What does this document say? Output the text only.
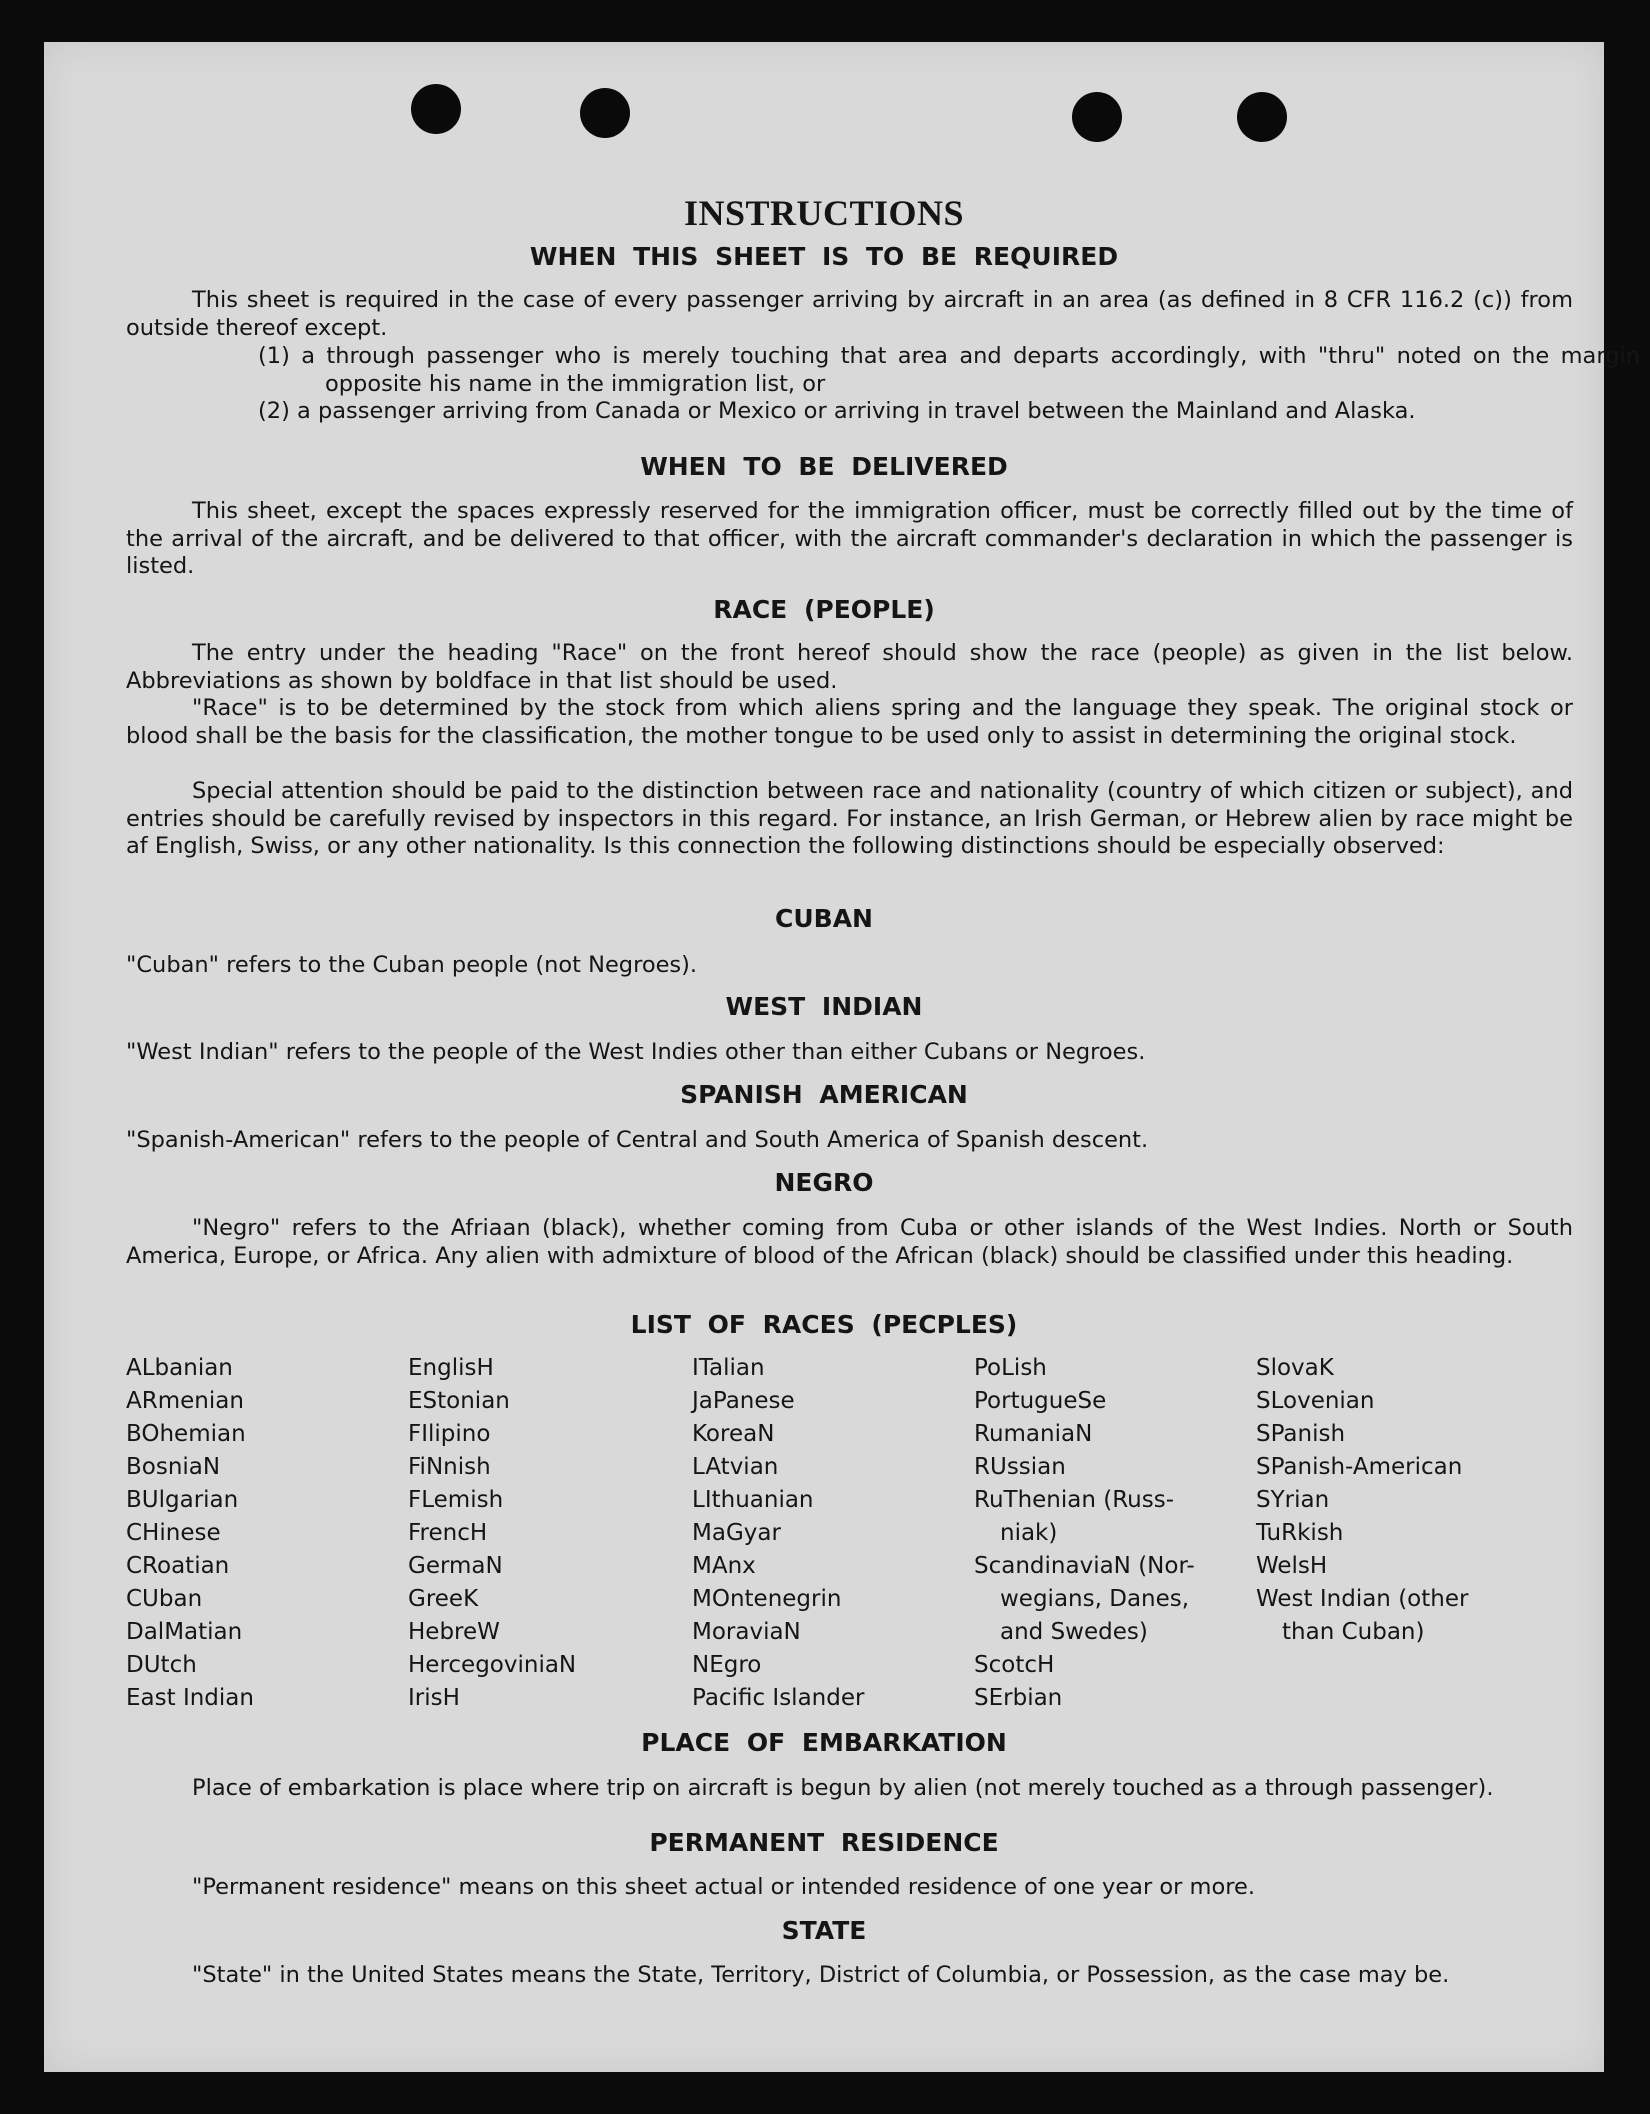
INSTRUCTIONS
WHEN THIS SHEET IS TO BE REQUIRED

This sheet is required in the case of every passenger arriving by aircraft in an area (as defined in 8 CFR 116.2 (c)) from outside thereof except.

(1) a through passenger who is merely touching that area and departs accordingly, with "thru" noted on the margin opposite his name in the immigration list, or

(2) a passenger arriving from Canada or Mexico or arriving in travel between the Mainland and Alaska.

WHEN TO BE DELIVERED

This sheet, except the spaces expressly reserved for the immigration officer, must be correctly filled out by the time of the arrival of the aircraft, and be delivered to that officer, with the aircraft commander's declaration in which the passenger is listed.

RACE (PEOPLE)

The entry under the heading "Race" on the front hereof should show the race (people) as given in the list below. Abbreviations as shown by boldface in that list should be used.

"Race" is to be determined by the stock from which aliens spring and the language they speak. The original stock or blood shall be the basis for the classification, the mother tongue to be used only to assist in determining the original stock.

Special attention should be paid to the distinction between race and nationality (country of which citizen or subject), and entries should be carefully revised by inspectors in this regard. For instance, an Irish German, or Hebrew alien by race might be af English, Swiss, or any other nationality. Is this connection the following distinctions should be especially observed:

CUBAN

"Cuban" refers to the Cuban people (not Negroes).

WEST INDIAN

"West Indian" refers to the people of the West Indies other than either Cubans or Negroes.

SPANISH AMERICAN

"Spanish-American" refers to the people of Central and South America of Spanish descent.

NEGRO

"Negro" refers to the Afriaan (black), whether coming from Cuba or other islands of the West Indies. North or South America, Europe, or Africa. Any alien with admixture of blood of the African (black) should be classified under this heading.

LIST OF RACES (PECPLES)
ALbanian
ARmenian
BOhemian
BosniaN
BUlgarian
CHinese
CRoatian
CUban
DalMatian
DUtch
East Indian
EnglisH
EStonian
FIlipino
FiNnish
FLemish
FrencH
GermaN
GreeK
HebreW
HercegoviniaN
IrisH
ITalian
JaPanese
KoreaN
LAtvian
LIthuanian
MaGyar
MAnx
MOntenegrin
MoraviaN
NEgro
Pacific Islander
PoLish
PortugueSe
RumaniaN
RUssian
RuThenian (Russ-
niak)
ScandinaviaN (Nor-
wegians, Danes,
and Swedes)
ScotcH
SErbian
SlovaK
SLovenian
SPanish
SPanish-American
SYrian
TuRkish
WelsH
West Indian (other
than Cuban)
PLACE OF EMBARKATION

Place of embarkation is place where trip on aircraft is begun by alien (not merely touched as a through passenger).

PERMANENT RESIDENCE

"Permanent residence" means on this sheet actual or intended residence of one year or more.

STATE

"State" in the United States means the State, Territory, District of Columbia, or Possession, as the case may be.
